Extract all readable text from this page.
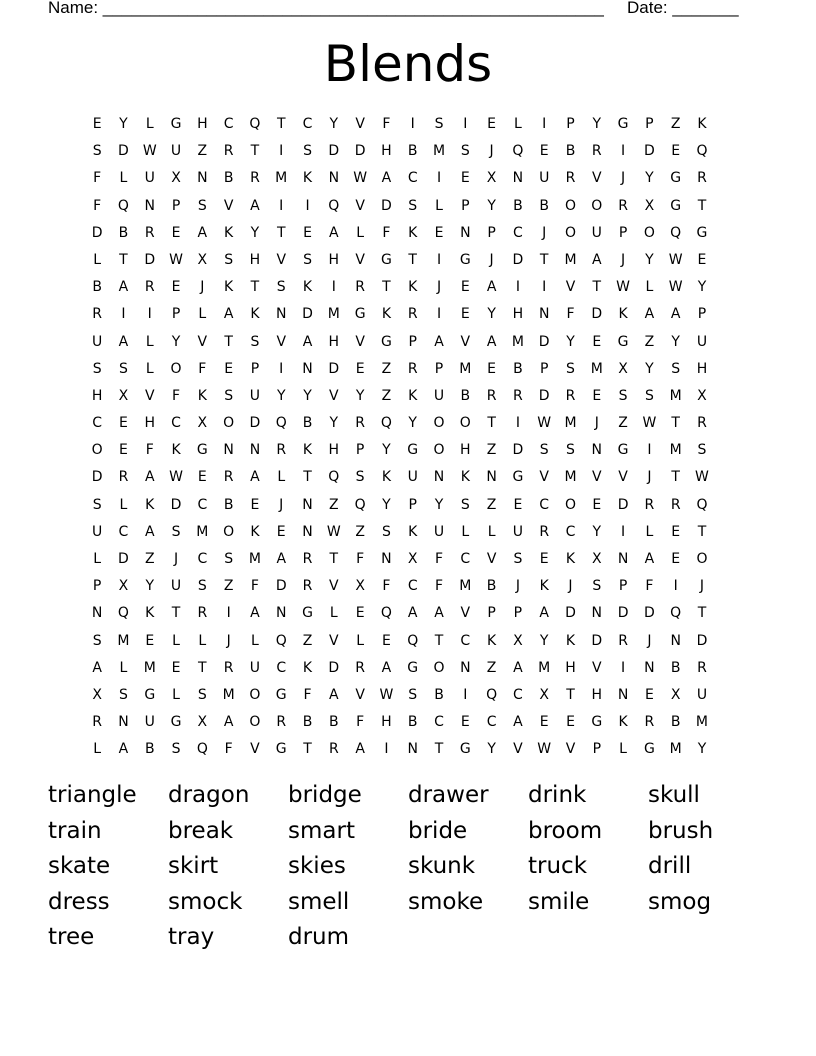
Name: _____________________________________________________ Date: _______
Blends
E	Y	L	G	H	C	Q	T	C	Y	V	F	I	S	I	E	L	I	P	Y	G	P	Z	K
S	D W	U	Z	R	T	I	S	D	D	H	B	M	S	J	Q	E	B	R	I	D	E	Q
F	L	U	X	N	B	R	M	K	N	W	A	C	I	E	X	N	U	R	V	J	Y	G	R
F	Q	N	P	S	V	A	I	I	Q	V	D	S	L	P	Y	B	B	O	O	R	X	G	T
D	B	R	E	A	K	Y	T	E	A	L	F	K	E	N	P	C	J	O	U	P	O	Q	G
L	T	D W	X	S	H	V	S	H	V	G	T	I	G	J	D	T	M	A	J	Y	W	E
B	A	R	E	J	K	T	S	K	I	R	T	K	J	E	A	I	I	V	T	W	L	W	Y
R	I	I	P	L	A	K	N	D	M	G	K	R	I	E	Y	H	N	F	D	K	A	A	P
U	A	L	Y	V	T	S	V	A	H	V	G	P	A	V	A	M	D	Y	E	G	Z	Y	U
S	S	L	O	F	E	P	I	N	D	E	Z	R	P	M	E	B	P	S	M	X	Y	S	H
H	X	V	F	K	S	U	Y	Y	V	Y	Z	K	U	B	R	R	D	R	E	S	S	M	X
C	E	H	C	X	O	D	Q	B	Y	R	Q	Y	O	O	T	I	W M	J	Z	W	T	R
O	E	F	K	G	N	N	R	K	H	P	Y	G	O	H	Z	D	S	S	N	G	I	M	S
D	R	A	W	E	R	A	L	T	Q	S	K	U	N	K	N	G	V	M	V	V	J	T	W
S	L	K	D	C	B	E	J	N	Z	Q	Y	P	Y	S	Z	E	C	O	E	D	R	R	Q
U	C	A	S	M	O	K	E	N	W	Z	S	K	U	L	L	U	R	C	Y	I	L	E	T
L	D	Z	J	C	S	M	A	R	T	F	N	X	F	C	V	S	E	K	X	N	A	E	O
P	X	Y	U	S	Z	F	D	R	V	X	F	C	F	M	B	J	K	J	S	P	F	I	J
N	Q	K	T	R	I	A	N	G	L	E	Q	A	A	V	P	P	A	D	N	D	D	Q	T
S	M	E	L	L	J	L	Q	Z	V	L	E	Q	T	C	K	X	Y	K	D	R	J	N	D
A	L	M	E	T	R	U	C	K	D	R	A	G	O	N	Z	A	M	H	V	I	N	B	R
X	S	G	L	S	M	O	G	F	A	V	W	S	B	I	Q	C	X	T	H	N	E	X	U
R	N	U	G	X	A	O	R	B	B	F	H	B	C	E	C	A	E	E	G	K	R	B	M
L	A	B	S	Q	F	V	G	T	R	A	I	N	T	G	Y	V	W	V	P	L	G	M	Y
triangle	dragon	bridge	drawer	drink	skull
train	break	smart	bride	broom	brush
skate	skirt	skies	skunk	truck	drill
dress	smock	smell	smoke	smile	smog
tree	tray	drum
